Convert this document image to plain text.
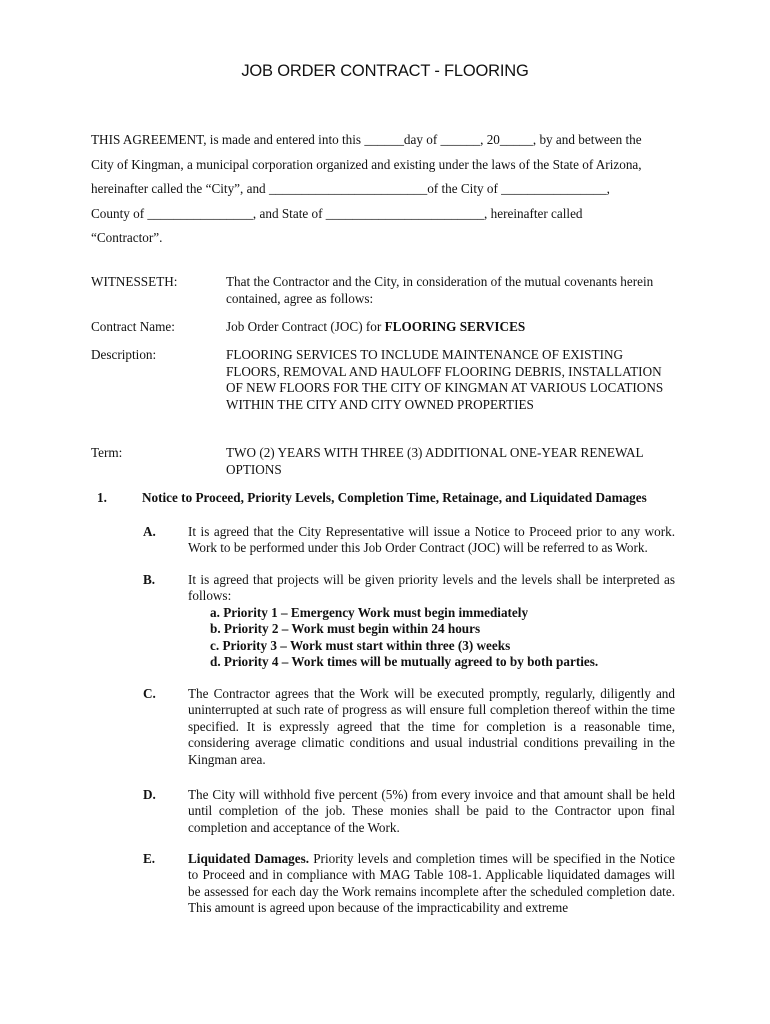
JOB ORDER CONTRACT - FLOORING

THIS AGREEMENT, is made and entered into this ______day of ______, 20_____, by and between the

City of Kingman, a municipal corporation organized and existing under the laws of the State of Arizona,

hereinafter called the “City”, and ________________________of the City of ________________,

County of ________________, and State of ________________________, hereinafter called

“Contractor”.

WITNESSETH:	That the Contractor and the City, in consideration of the mutual covenants herein contained, agree as follows:
Contract Name:	Job Order Contract (JOC) for FLOORING SERVICES
Description:	FLOORING SERVICES TO INCLUDE MAINTENANCE OF EXISTING FLOORS, REMOVAL AND HAULOFF FLOORING DEBRIS, INSTALLATION OF NEW FLOORS FOR THE CITY OF KINGMAN AT VARIOUS LOCATIONS WITHIN THE CITY AND CITY OWNED PROPERTIES
Term:	TWO (2) YEARS WITH THREE (3) ADDITIONAL ONE-YEAR RENEWAL OPTIONS
1.	Notice to Proceed, Priority Levels, Completion Time, Retainage, and Liquidated Damages
A. It is agreed that the City Representative will issue a Notice to Proceed prior to any work. Work to be performed under this Job Order Contract (JOC) will be referred to as Work.

B. It is agreed that projects will be given priority levels and the levels shall be interpreted as follows:

a. Priority 1 – Emergency Work must begin immediately
b. Priority 2 – Work must begin within 24 hours
c. Priority 3 – Work must start within three (3) weeks
d. Priority 4 – Work times will be mutually agreed to by both parties.
C. The Contractor agrees that the Work will be executed promptly, regularly, diligently and uninterrupted at such rate of progress as will ensure full completion thereof within the time specified. It is expressly agreed that the time for completion is a reasonable time, considering average climatic conditions and usual industrial conditions prevailing in the Kingman area.

D. The City will withhold five percent (5%) from every invoice and that amount shall be held until completion of the job. These monies shall be paid to the Contractor upon final completion and acceptance of the Work.

E. Liquidated Damages. Priority levels and completion times will be specified in the Notice to Proceed and in compliance with MAG Table 108-1. Applicable liquidated damages will be assessed for each day the Work remains incomplete after the scheduled completion date. This amount is agreed upon because of the impracticability and extreme
